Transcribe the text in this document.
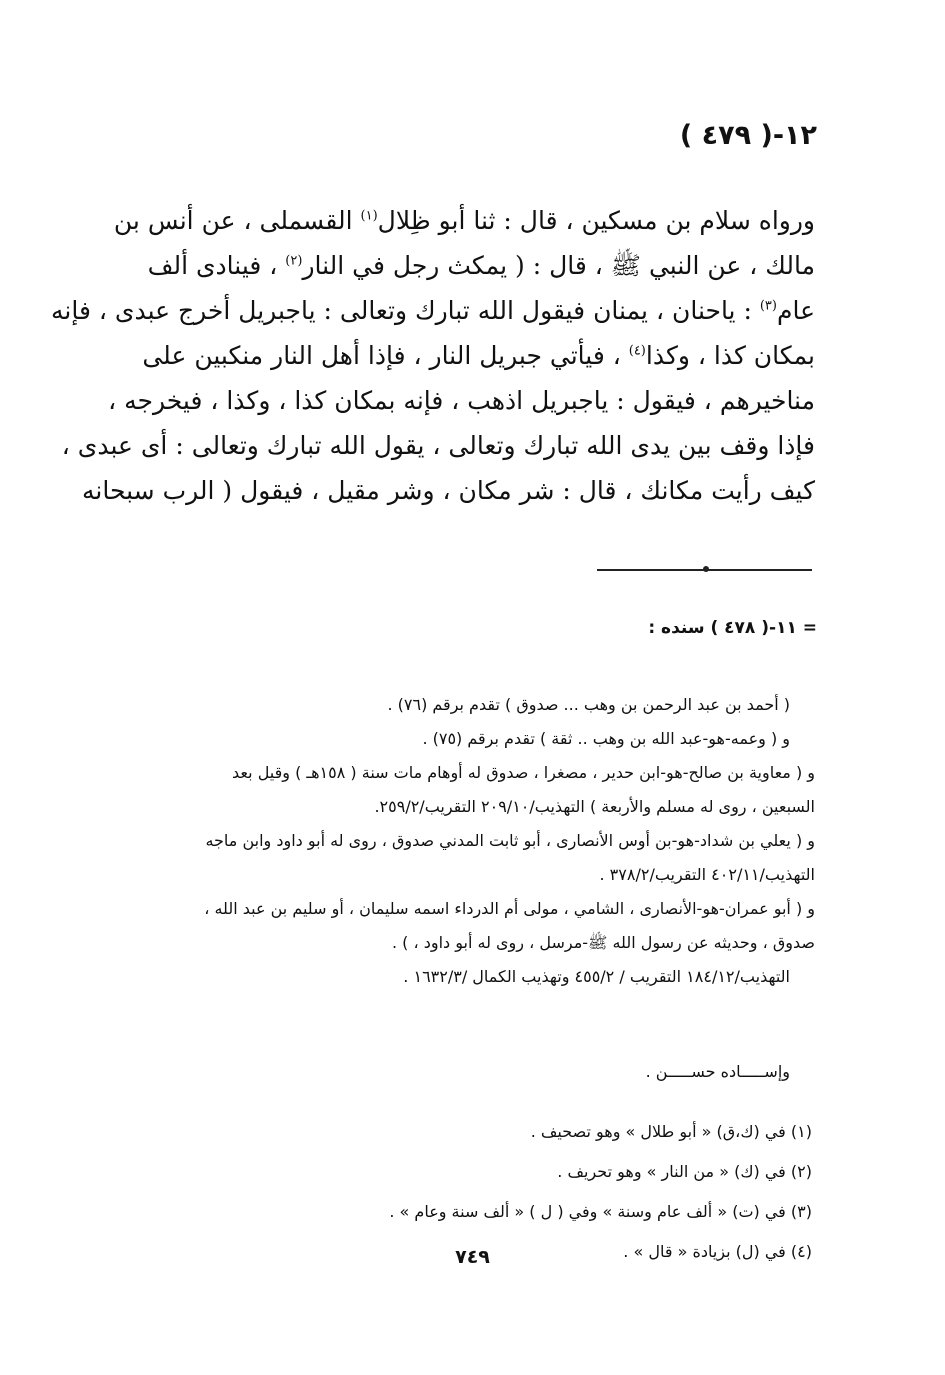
١٢-( ٤٧٩ )
ورواه سلام بن مسكين ، قال : ثنا أبو ظِلال$^{(١)}$ القسملى ، عن أنس بن
مالك ، عن النبي ﷺ ، قال : ( يمكث رجل في النار$^{(٢)}$ ، فينادى ألف
عام$^{(٣)}$ : ياحنان ، يمنان فيقول الله تبارك وتعالى : ياجبريل أخرج عبدى ، فإنه
بمكان كذا ، وكذا$^{(٤)}$ ، فيأتي جبريل النار ، فإذا أهل النار منكبين على
مناخيرهم ، فيقول : ياجبريل اذهب ، فإنه بمكان كذا ، وكذا ، فيخرجه ،
فإذا وقف بين يدى الله تبارك وتعالى ، يقول الله تبارك وتعالى : أى عبدى ،
كيف رأيت مكانك ، قال : شر مكان ، وشر مقيل ، فيقول ( الرب سبحانه
= ١١-( ٤٧٨ ) سنده :
( أحمد بن عبد الرحمن بن وهب ... صدوق ) تقدم برقم (٧٦) .
و ( وعمه-هو-عبد الله بن وهب .. ثقة ) تقدم برقم (٧٥) .
و ( معاوية بن صالح-هو-ابن حدير ، مصغرا ، صدوق له أوهام مات سنة ( ١٥٨هـ ) وقيل بعد
السبعين ، روى له مسلم والأربعة ) التهذيب/٢٠٩/١٠ التقريب/٢٥٩/٢.
و ( يعلي بن شداد-هو-بن أوس الأنصارى ، أبو ثابت المدني صدوق ، روى له أبو داود وابن ماجه
التهذيب/٤٠٢/١١ التقريب/٣٧٨/٢ .
و ( أبو عمران-هو-الأنصارى ، الشامي ، مولى أم الدرداء اسمه سليمان ، أو سليم بن عبد الله ،
صدوق ، وحديثه عن رسول الله ﷺ-مرسل ، روى له أبو داود ، ) .
التهذيب/١٨٤/١٢ التقريب / ٤٥٥/٢ وتهذيب الكمال /١٦٣٢/٣ .
وإســـــاده حســـــن .
(١) في (ك،ق) « أبو طلال » وهو تصحيف .
(٢) في (ك) « من النار » وهو تحريف .
(٣) في (ت) « ألف عام وسنة » وفي ( ل ) « ألف سنة وعام » .
(٤) في (ل) بزيادة « قال » .
٧٤٩
